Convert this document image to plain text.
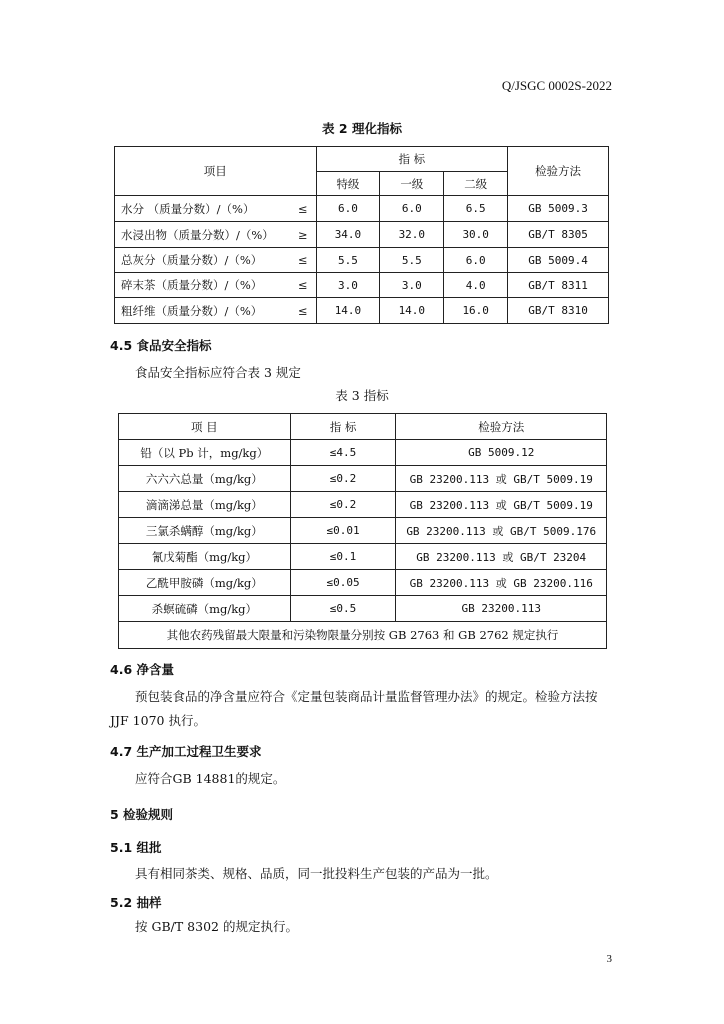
Q/JSGC 0002S-2022
表 2 理化指标
项目	指 标			检验方法
	特级	一级	二级	
水分 （质量分数）/（%） ≤	6.0	6.0	6.5	GB 5009.3
水浸出物（质量分数）/（%） ≥	34.0	32.0	30.0	GB/T 8305
总灰分（质量分数）/（%） ≤	5.5	5.5	6.0	GB 5009.4
碎末茶（质量分数）/（%） ≤	3.0	3.0	4.0	GB/T 8311
粗纤维（质量分数）/（%） ≤	14.0	14.0	16.0	GB/T 8310
4.5 食品安全指标
食品安全指标应符合表 3 规定
表 3 指标
项 目	指 标	检验方法
铅（以 Pb 计，mg/kg）	≤4.5	GB 5009.12
六六六总量（mg/kg）	≤0.2	GB 23200.113 或 GB/T 5009.19
滴滴涕总量（mg/kg）	≤0.2	GB 23200.113 或 GB/T 5009.19
三氯杀螨醇（mg/kg）	≤0.01	GB 23200.113 或 GB/T 5009.176
氰戊菊酯（mg/kg）	≤0.1	GB 23200.113 或 GB/T 23204
乙酰甲胺磷（mg/kg）	≤0.05	GB 23200.113 或 GB 23200.116
杀螟硫磷（mg/kg）	≤0.5	GB 23200.113
其他农药残留最大限量和污染物限量分别按 GB 2763 和 GB 2762 规定执行		
4.6 净含量
预包装食品的净含量应符合《定量包装商品计量监督管理办法》的规定。检验方法按
JJF 1070 执行。
4.7 生产加工过程卫生要求
应符合GB 14881的规定。
5 检验规则
5.1 组批
具有相同茶类、规格、品质，同一批投料生产包装的产品为一批。
5.2 抽样
按 GB/T 8302 的规定执行。
3
